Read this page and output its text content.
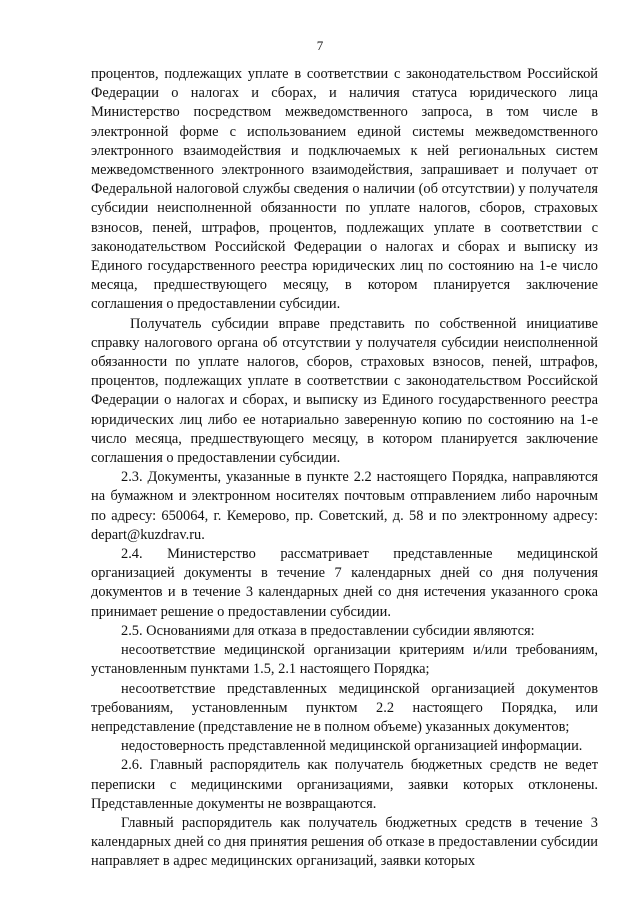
7

процентов, подлежащих уплате в соответствии с законодательством Российской Федерации о налогах и сборах, и наличия статуса юридического лица Министерство посредством межведомственного запроса, в том числе в электронной форме с использованием единой системы межведомственного электронного взаимодействия и подключаемых к ней региональных систем межведомственного электронного взаимодействия, запрашивает и получает от Федеральной налоговой службы сведения о наличии (об отсутствии) у получателя субсидии неисполненной обязанности по уплате налогов, сборов, страховых взносов, пеней, штрафов, процентов, подлежащих уплате в соответствии с законодательством Российской Федерации о налогах и сборах и выписку из Единого государственного реестра юридических лиц по состоянию на 1-е число месяца, предшествующего месяцу, в котором планируется заключение соглашения о предоставлении субсидии.

Получатель субсидии вправе представить по собственной инициативе справку налогового органа об отсутствии у получателя субсидии неисполненной обязанности по уплате налогов, сборов, страховых взносов, пеней, штрафов, процентов, подлежащих уплате в соответствии с законодательством Российской Федерации о налогах и сборах, и выписку из Единого государственного реестра юридических лиц либо ее нотариально заверенную копию по состоянию на 1-е число месяца, предшествующего месяцу, в котором планируется заключение соглашения о предоставлении субсидии.

2.3. Документы, указанные в пункте 2.2 настоящего Порядка, направляются на бумажном и электронном носителях почтовым отправлением либо нарочным по адресу: 650064, г. Кемерово, пр. Советский, д. 58 и по электронному адресу: depart@kuzdrav.ru.

2.4. Министерство рассматривает представленные медицинской организацией документы в течение 7 календарных дней со дня получения документов и в течение 3 календарных дней со дня истечения указанного срока принимает решение о предоставлении субсидии.

2.5. Основаниями для отказа в предоставлении субсидии являются:

несоответствие медицинской организации критериям и/или требованиям, установленным пунктами 1.5, 2.1 настоящего Порядка;

несоответствие представленных медицинской организацией документов требованиям, установленным пунктом 2.2 настоящего Порядка, или непредставление (представление не в полном объеме) указанных документов;

недостоверность представленной медицинской организацией информации.

2.6. Главный распорядитель как получатель бюджетных средств не ведет переписки с медицинскими организациями, заявки которых отклонены. Представленные документы не возвращаются.

Главный распорядитель как получатель бюджетных средств в течение 3 календарных дней со дня принятия решения об отказе в предоставлении субсидии направляет в адрес медицинских организаций, заявки которых
